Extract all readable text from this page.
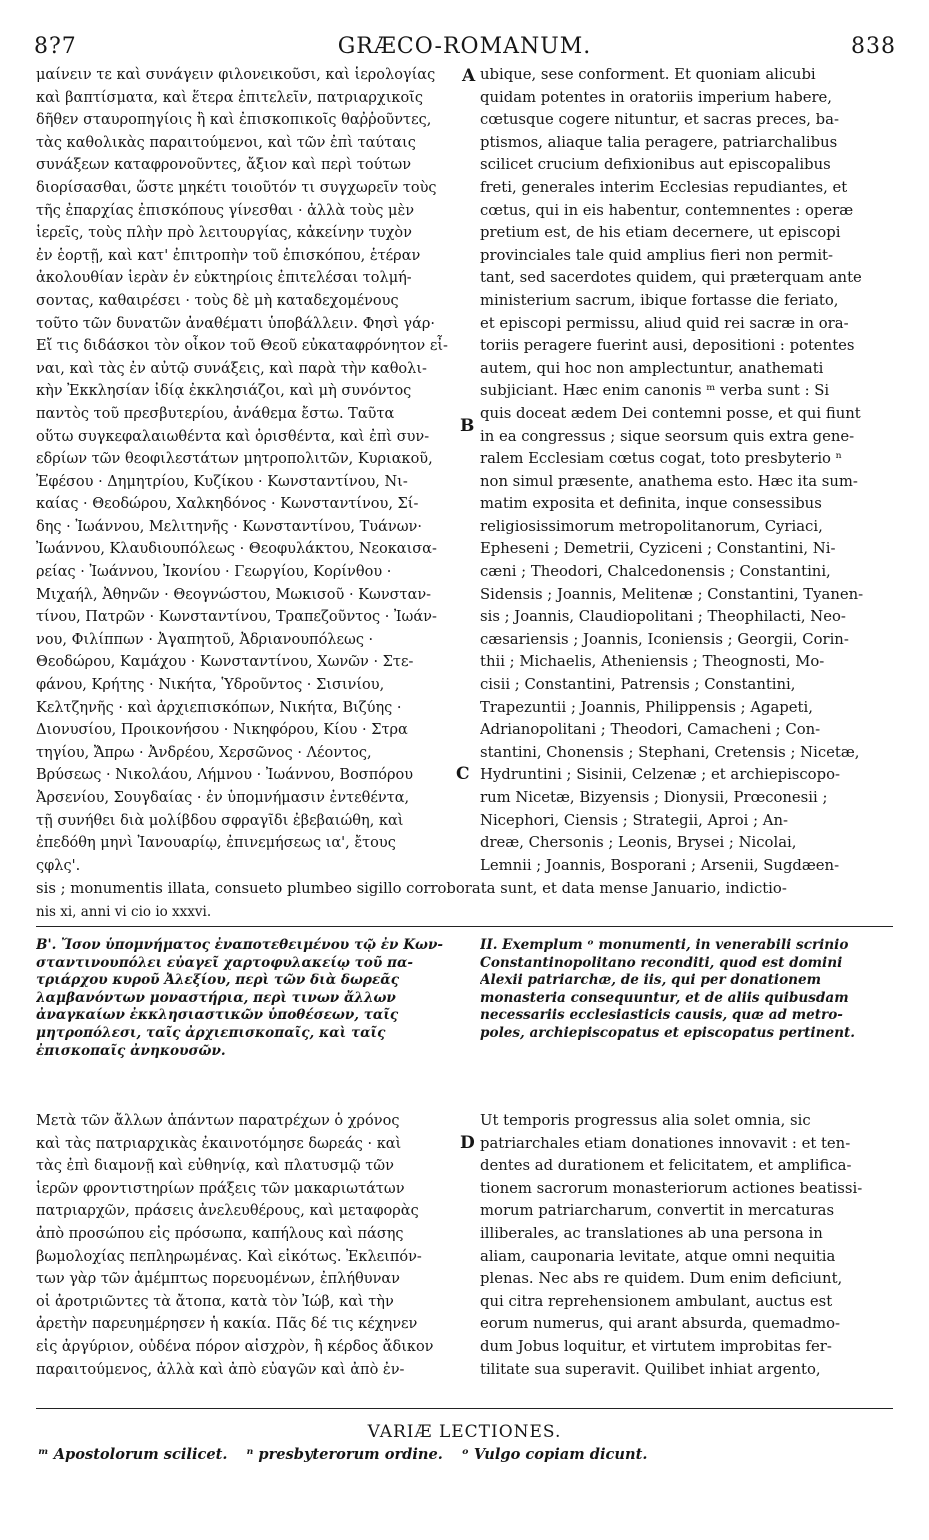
8?7	GRÆCO-ROMANUM.	838
A
B
C
D
μαίνειν τε καὶ συνάγειν φιλονεικοῦσι, καὶ ἱερολογίας
καὶ βαπτίσματα, καὶ ἕτερα ἐπιτελεῖν, πατριαρχικοῖς
δῆθεν σταυροπηγίοις ἢ καὶ ἐπισκοπικοῖς θαῤῥοῦντες,
τὰς καθολικὰς παραιτούμενοι, καὶ τῶν ἐπὶ ταύταις
συνάξεων καταφρονοῦντες, ἄξιον καὶ περὶ τούτων
διορίσασθαι, ὥστε μηκέτι τοιοῦτόν τι συγχωρεῖν τοὺς
τῆς ἐπαρχίας ἐπισκόπους γίνεσθαι · ἀλλὰ τοὺς μὲν
ἱερεῖς, τοὺς πλὴν πρὸ λειτουργίας, κἀκείνην τυχὸν
ἐν ἑορτῇ, καὶ κατ' ἐπιτροπὴν τοῦ ἐπισκόπου, ἑτέραν
ἀκολουθίαν ἱερὰν ἐν εὐκτηρίοις ἐπιτελέσαι τολμή-
σοντας, καθαιρέσει · τοὺς δὲ μὴ καταδεχομένους
τοῦτο τῶν δυνατῶν ἀναθέματι ὑποβάλλειν. Φησὶ γάρ·
Εἴ τις διδάσκοι τὸν οἶκον τοῦ Θεοῦ εὐκαταφρόνητον εἶ-
ναι, καὶ τὰς ἐν αὐτῷ συνάξεις, καὶ παρὰ τὴν καθολι-
κὴν Ἐκκλησίαν ἰδίᾳ ἐκκλησιάζοι, καὶ μὴ συνόντος
παντὸς τοῦ πρεσβυτερίου, ἀνάθεμα ἔστω. Ταῦτα
οὕτω συγκεφαλαιωθέντα καὶ ὁρισθέντα, καὶ ἐπὶ συν-
εδρίων τῶν θεοφιλεστάτων μητροπολιτῶν, Κυριακοῦ,
Ἐφέσου · Δημητρίου, Κυζίκου · Κωνσταντίνου, Νι-
καίας · Θεοδώρου, Χαλκηδόνος · Κωνσταντίνου, Σί-
δης · Ἰωάννου, Μελιτηνῆς · Κωνσταντίνου, Τυάνων·
Ἰωάννου, Κλαυδιουπόλεως · Θεοφυλάκτου, Νεοκαισα-
ρείας · Ἰωάννου, Ἰκονίου · Γεωργίου, Κορίνθου ·
Μιχαήλ, Ἀθηνῶν · Θεογνώστου, Μωκισοῦ · Κωνσταν-
τίνου, Πατρῶν · Κωνσταντίνου, Τραπεζοῦντος · Ἰωάν-
νου, Φιλίππων · Ἀγαπητοῦ, Ἀδριανουπόλεως ·
Θεοδώρου, Καμάχου · Κωνσταντίνου, Χωνῶν · Στε-
φάνου, Κρήτης · Νικήτα, Ὑδροῦντος · Σισινίου,
Κελτζηνῆς · καὶ ἀρχιεπισκόπων, Νικήτα, Βιζύης ·
Διονυσίου, Προικονήσου · Νικηφόρου, Κίου · Στρα
τηγίου, Ἄπρω · Ἀνδρέου, Χερσῶνος · Λέοντος,
Βρύσεως · Νικολάου, Λήμνου · Ἰωάννου, Βοσπόρου
Ἀρσενίου, Σουγδαίας · ἐν ὑπομνήμασιν ἐντεθέντα,
τῇ συνήθει διὰ μολίβδου σφραγῖδι ἐβεβαιώθη, καὶ
ἐπεδόθη μηνὶ Ἰανουαρίῳ, ἐπινεμήσεως ια', ἔτους
ςφλς'.
ubique, sese conforment. Et quoniam alicubi
quidam potentes in oratoriis imperium habere,
cœtusque cogere nituntur, et sacras preces, ba-
ptismos, aliaque talia peragere, patriarchalibus
scilicet crucium defixionibus aut episcopalibus
freti, generales interim Ecclesias repudiantes, et
cœtus, qui in eis habentur, contemnentes : operæ
pretium est, de his etiam decernere, ut episcopi
provinciales tale quid amplius fieri non permit-
tant, sed sacerdotes quidem, qui præterquam ante
ministerium sacrum, ibique fortasse die feriato,
et episcopi permissu, aliud quid rei sacræ in ora-
toriis peragere fuerint ausi, depositioni : potentes
autem, qui hoc non amplectuntur, anathemati
subjiciant. Hæc enim canonis ᵐ verba sunt : Si
quis doceat ædem Dei contemni posse, et qui fiunt
in ea congressus ; sique seorsum quis extra gene-
ralem Ecclesiam cœtus cogat, toto presbyterio ⁿ
non simul præsente, anathema esto. Hæc ita sum-
matim exposita et definita, inque consessibus
religiosissimorum metropolitanorum, Cyriaci,
Epheseni ; Demetrii, Cyziceni ; Constantini, Ni-
cæni ; Theodori, Chalcedonensis ; Constantini,
Sidensis ; Joannis, Melitenæ ; Constantini, Tyanen-
sis ; Joannis, Claudiopolitani ; Theophilacti, Neo-
cæsariensis ; Joannis, Iconiensis ; Georgii, Corin-
thii ; Michaelis, Atheniensis ; Theognosti, Mo-
cisii ; Constantini, Patrensis ; Constantini,
Trapezuntii ; Joannis, Philippensis ; Agapeti,
Adrianopolitani ; Theodori, Camacheni ; Con-
stantini, Chonensis ; Stephani, Cretensis ; Nicetæ,
Hydruntini ; Sisinii, Celzenæ ; et archiepiscopo-
rum Nicetæ, Bizyensis ; Dionysii, Prœconesii ;
Nicephori, Ciensis ; Strategii, Aproi ; An-
dreæ, Chersonis ; Leonis, Brysei ; Nicolai,
Lemnii ; Joannis, Bosporani ; Arsenii, Sugdæen-
sis ; monumentis illata, consueto plumbeo sigillo corroborata sunt, et data mense Januario, indictio-
nis xi, anni vi cio io xxxvi.
Β'. Ἴσον ὑπομνήματος ἐναποτεθειμένου τῷ ἐν Κων-
σταντινουπόλει εὐαγεῖ χαρτοφυλακείῳ τοῦ πα-
τριάρχου κυροῦ Ἀλεξίου, περὶ τῶν διὰ δωρεᾶς
λαμβανόντων μοναστήρια, περὶ τινων ἄλλων
ἀναγκαίων ἐκκλησιαστικῶν ὑποθέσεων, ταῖς
μητροπόλεσι, ταῖς ἀρχιεπισκοπαῖς, καὶ ταῖς
ἐπισκοπαῖς ἀνηκουσῶν.
II. Exemplum ᵒ monumenti, in venerabili scrinio
Constantinopolitano reconditi, quod est domini
Alexii patriarchæ, de iis, qui per donationem
monasteria consequuntur, et de aliis quibusdam
necessariis ecclesiasticis causis, quæ ad metro-
poles, archiepiscopatus et episcopatus pertinent.
Μετὰ τῶν ἄλλων ἁπάντων παρατρέχων ὁ χρόνος
καὶ τὰς πατριαρχικὰς ἐκαινοτόμησε δωρεάς · καὶ
τὰς ἐπὶ διαμονῇ καὶ εὐθηνίᾳ, καὶ πλατυσμῷ τῶν
ἱερῶν φροντιστηρίων πράξεις τῶν μακαριωτάτων
πατριαρχῶν, πράσεις ἀνελευθέρους, καὶ μεταφορὰς
ἀπὸ προσώπου εἰς πρόσωπα, καπήλους καὶ πάσης
βωμολοχίας πεπληρωμένας. Καὶ εἰκότως. Ἐκλειπόν-
των γὰρ τῶν ἀμέμπτως πορευομένων, ἐπλήθυναν
οἱ ἀροτριῶντες τὰ ἄτοπα, κατὰ τὸν Ἰώβ, καὶ τὴν
ἀρετὴν παρευημέρησεν ἡ κακία. Πᾶς δέ τις κέχηνεν
εἰς ἀργύριον, οὐδένα πόρον αἰσχρὸν, ἢ κέρδος ἄδικον
παραιτούμενος, ἀλλὰ καὶ ἀπὸ εὐαγῶν καὶ ἀπὸ ἐν-
Ut temporis progressus alia solet omnia, sic
patriarchales etiam donationes innovavit : et ten-
dentes ad durationem et felicitatem, et amplifica-
tionem sacrorum monasteriorum actiones beatissi-
morum patriarcharum, convertit in mercaturas
illiberales, ac translationes ab una persona in
aliam, cauponaria levitate, atque omni nequitia
plenas. Nec abs re quidem. Dum enim deficiunt,
qui citra reprehensionem ambulant, auctus est
eorum numerus, qui arant absurda, quemadmo-
dum Jobus loquitur, et virtutem improbitas fer-
tilitate sua superavit. Quilibet inhiat argento,
VARIÆ LECTIONES.
ᵐ Apostolorum scilicet. ⁿ presbyterorum ordine. ᵒ Vulgo copiam dicunt.
